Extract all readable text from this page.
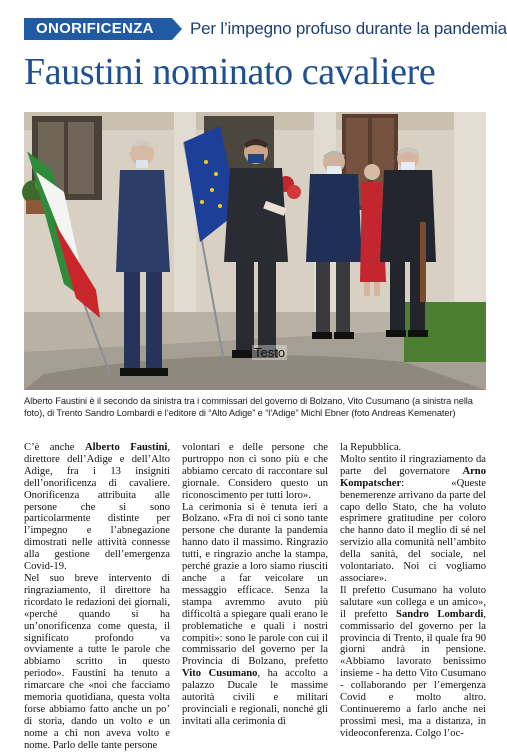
ONORIFICENZA	Per l’impegno profuso durante la pandemia
Faustini nominato cavaliere
Testo
Alberto Faustini è il secondo da sinistra tra i commissari del governo di Bolzano, Vito Cusumano (a sinistra nella foto), di Trento Sandro Lombardi e l’editore di “Alto Adige” e “l’Adige” Michl Ebner (foto Andreas Kemenater)

C’è anche Alberto Faustini, direttore dell’Adige e dell’Alto Adige, fra i 13 insigniti dell’onorificenza di cavaliere. Onorificenza attribuita alle persone che si sono particolarmente distinte per l’impegno e l’abnegazione dimostrati nelle attività connesse alla gestione dell’emergenza Covid-19.

Nel suo breve intervento di ringraziamento, il direttore ha ricordato le redazioni dei giornali, «perché quando si ha un’onorificenza come questa, il significato profondo va ovviamente a tutte le parole che abbiamo scritto in questo periodo». Faustini ha tenuto a rimarcare che «noi che facciamo memoria quotidiana, questa volta forse abbiamo fatto anche un po’ di storia, dando un volto e un nome a chi non aveva volto e nome. Parlo delle tante persone

volontari e delle persone che purtroppo non ci sono più e che abbiamo cercato di raccontare sul giornale. Considero questo un riconoscimento per tutti loro».

La cerimonia si è tenuta ieri a Bolzano. «Fra di noi ci sono tante persone che durante la pandemia hanno dato il massimo. Ringrazio tutti, e ringrazio anche la stampa, perché grazie a loro siamo riusciti anche a far veicolare un messaggio efficace. Senza la stampa avremmo avuto più difficoltà a spiegare quali erano le problematiche e quali i nostri compiti»: sono le parole con cui il commissario del governo per la Provincia di Bolzano, prefetto Vito Cusumano, ha accolto a palazzo Ducale le massime autorità civili e militari provinciali e regionali, nonché gli invitati alla cerimonia di

la Repubblica.

Molto sentito il ringraziamento da parte del governatore Arno Kompatscher: «Queste benemerenze arrivano da parte del capo dello Stato, che ha voluto esprimere gratitudine per coloro che hanno dato il meglio di sé nel servizio alla comunità nell’ambito della sanità, del sociale, nel volontariato. Noi ci vogliamo associare».

Il prefetto Cusumano ha voluto salutare «un collega e un amico», il prefetto Sandro Lombardi, commissario del governo per la provincia di Trento, il quale fra 90 giorni andrà in pensione. «Abbiamo lavorato benissimo insieme - ha detto Vito Cusumano - collaborando per l’emergenza Covid e molto altro. Continueremo a farlo anche nei prossimi mesi, ma a distanza, in videoconferenza. Colgo l’oc-
